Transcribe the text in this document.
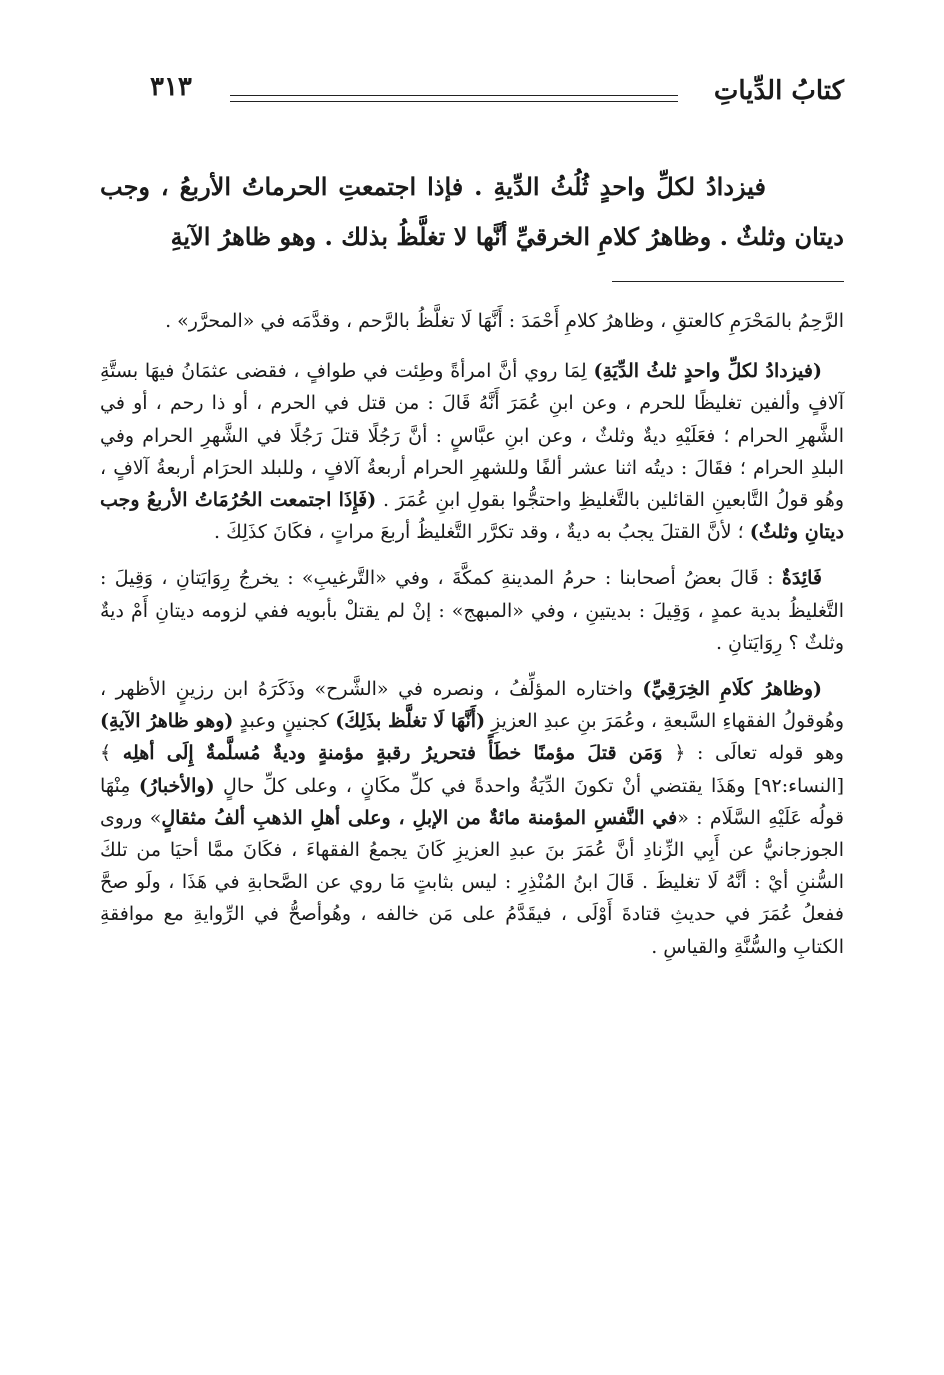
كتابُ الدِّياتِ
٣١٣

فيزدادُ لكلِّ واحدٍ ثُلُثُ الدِّيةِ . فإذا اجتمعتِ الحرماتُ الأربعُ ، وجب ديتان وثلثٌ . وظاهرُ كلامِ الخرقيِّ أنَّها لا تغلَّظُ بذلك . وهو ظاهرُ الآيةِ

الرَّحِمُ بالمَحْرَمِ كالعتقِ ، وظاهرُ كلامِ أَحْمَدَ : أَنَّهَا لَا تغلَّظُ بالرَّحم ، وقدَّمَه في «المحرَّر» .

(فيزدادُ لكلِّ واحدٍ ثلثُ الدِّيَةِ) لِمَا روي أنَّ امرأةً وطِئت في طوافٍ ، فقضى عثمَانُ فيهَا بستَّةِ آلافٍ وألفين تغليظًا للحرم ، وعن ابنِ عُمَرَ أَنَّهُ قَالَ : من قتل في الحرم ، أو ذا رحم ، أو في الشَّهرِ الحرام ؛ فعَلَيْهِ ديةٌ وثلثٌ ، وعن ابنِ عبَّاسٍ : أنَّ رَجُلًا قتلَ رَجُلًا في الشَّهرِ الحرام وفي البلدِ الحرام ؛ فقَالَ : ديتُه اثنا عشر ألفًا وللشهرِ الحرام أربعةُ آلافٍ ، وللبلد الحرَام أربعةُ آلافٍ ، وهُو قولُ التَّابعينِ القائلين بالتَّغليظِ واحتجُّوا بقولِ ابنِ عُمَرَ . (فَإِذَا اجتمعت الحُرُمَاتُ الأربعُ وجب ديتانِ وثلثٌ) ؛ لأنَّ القتلَ يجبُ به ديةٌ ، وقد تكرَّر التَّغليظُ أربعَ مراتٍ ، فكَانَ كذَلِكَ .

فَائِدَةٌ : قَالَ بعضُ أصحابنا : حرمُ المدينةِ كمكَّةَ ، وفي «التَّرغيبِ» : يخرجُ رِوَايَتانِ ، وَقِيلَ : التَّغليظُ بدية عمدٍ ، وَقِيلَ : بديتينِ ، وفي «المبهج» : إنْ لم يقتلْ بأبويه ففي لزومه ديتانِ أَمْ ديةٌ وثلثٌ ؟ رِوَايَتانِ .

(وظاهرُ كلَامِ الخِرَقِيِّ) واختاره المؤلِّفُ ، ونصره في «الشَّرح» وذَكَرَهُ ابن رزينٍ الأظهر ، وهُوقولُ الفقهاءِ السَّبعةِ ، وعُمَرَ بنِ عبدِ العزيزِ (أَنَّهَا لَا تغلَّظ بذَلِكَ) كجنينٍ وعبدٍ (وهو ظاهرُ الآيةِ) وهو قوله تعالَى : ﴿ وَمَن قتلَ مؤمنًا خطَأً فتحريرُ رقبةٍ مؤمنةٍ وديةٌ مُسلَّمةٌ إِلَى أهلِه ﴾ [النساء:٩٢] وهَذَا يقتضي أنْ تكونَ الدِّيَةُ واحدةً في كلِّ مكَانٍ ، وعلى كلِّ حالٍ (والأخبارُ) مِنْهَا قولُه عَلَيْهِ السَّلَام : «في النَّفسِ المؤمنة مائةٌ من الإبلِ ، وعلى أهلِ الذهبِ ألفُ مثقالٍ» وروى الجوزجانيُّ عن أَبِي الزِّنادِ أنَّ عُمَرَ بنَ عبدِ العزيزِ كَانَ يجمعُ الفقهاءَ ، فكَانَ ممَّا أحيَا من تلكَ السُّننِ أيْ : أنَّهُ لَا تغليظَ . قَالَ ابنُ المُنْذِرِ : ليس بثابتٍ مَا روي عن الصَّحابةِ في هَذَا ، ولَو صحَّ ففعلُ عُمَرَ في حديثِ قتادةَ أَوْلَى ، فيقَدَّمُ على مَن خالفه ، وهُوأصحُّ في الرِّوايةِ مع موافقةِ الكتابِ والسُّنَّةِ والقياسِ .
